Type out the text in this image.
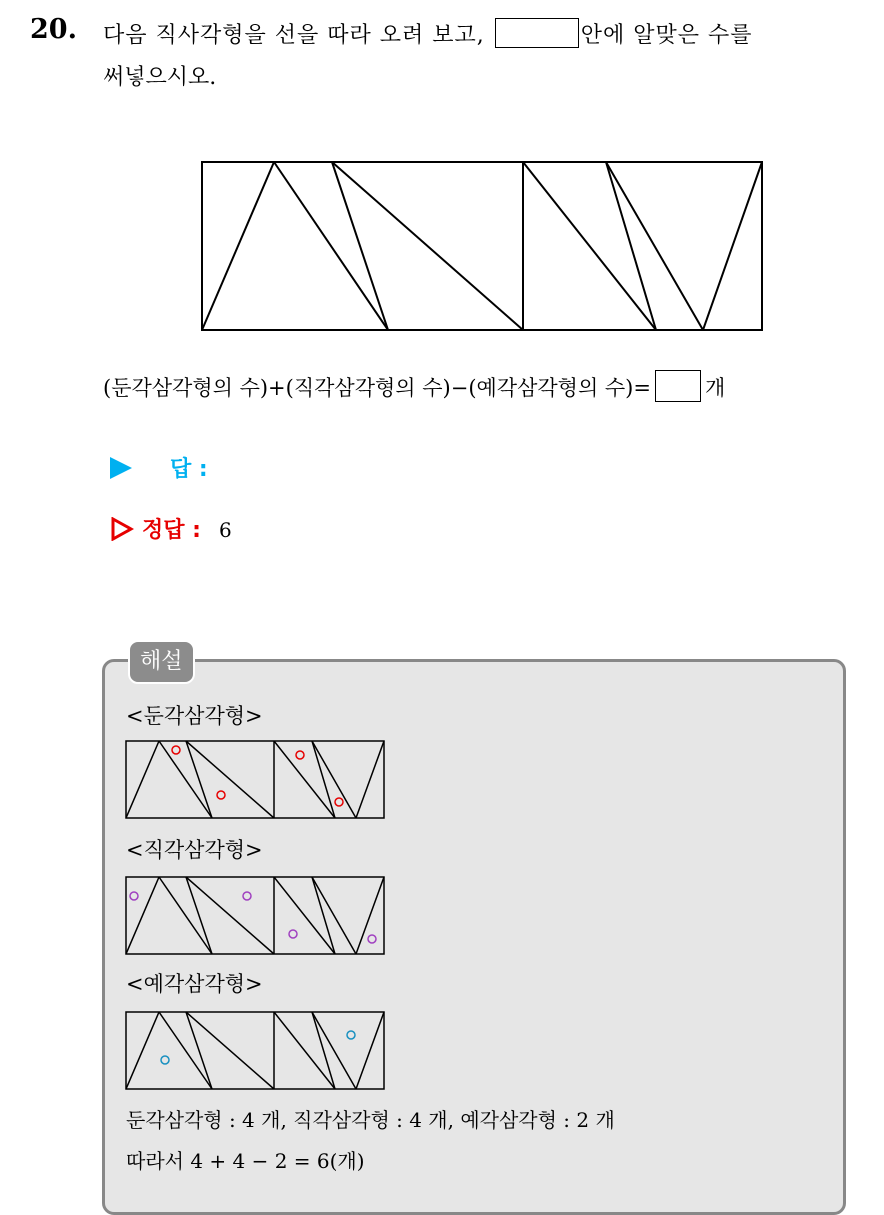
20. 다음 직사각형을 선을 따라 오려 보고,	안에 알맞은 수를
써넣으시오.
(둔각삼각형의 수)+(직각삼각형의 수)−(예각삼각형의 수)=	개
답 :
정답 : 6
해설
<둔각삼각형>
<직각삼각형>
<예각삼각형>
둔각삼각형 : 4 개, 직각삼각형 : 4 개, 예각삼각형 : 2 개
따라서 4 + 4 − 2 = 6(개)
